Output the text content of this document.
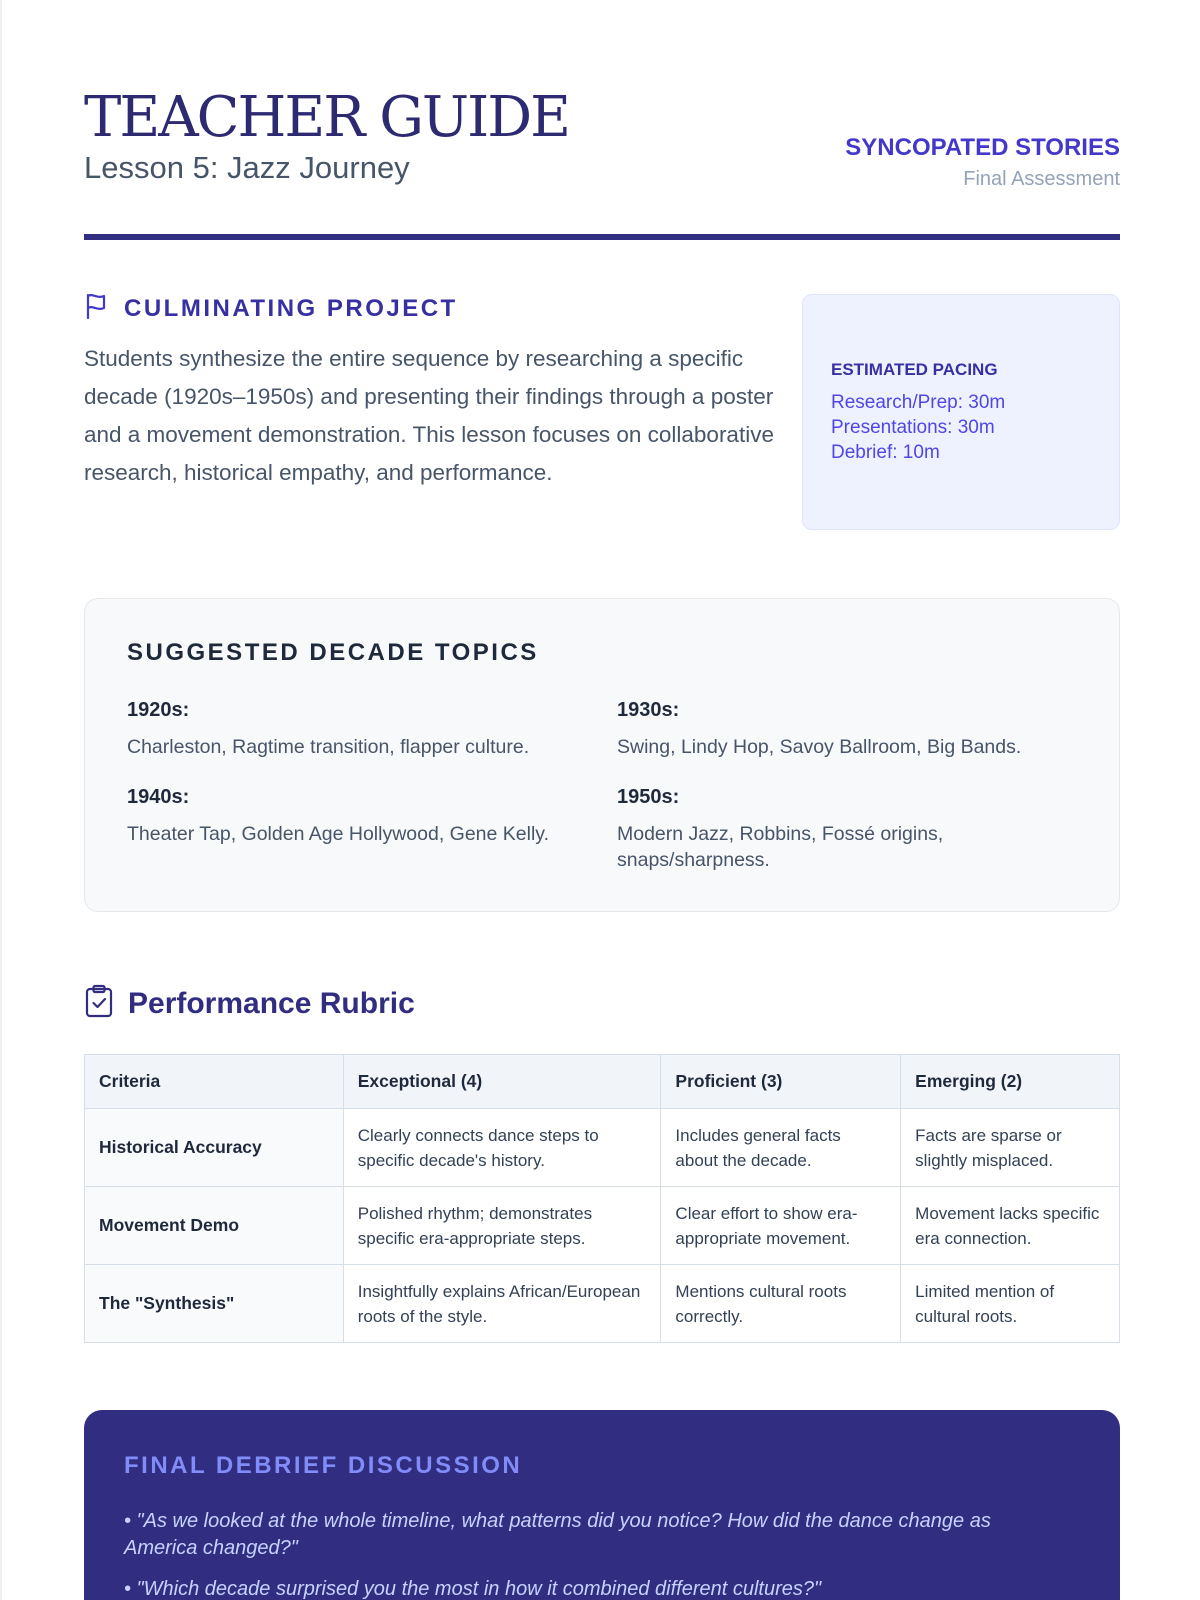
TEACHER GUIDE
Lesson 5: Jazz Journey
SYNCOPATED STORIES
Final Assessment
CULMINATING PROJECT

Students synthesize the entire sequence by researching a specific decade (1920s–1950s) and presenting their findings through a poster and a movement demonstration. This lesson focuses on collaborative research, historical empathy, and performance.

ESTIMATED PACING
Research/Prep: 30m
Presentations: 30m
Debrief: 10m
SUGGESTED DECADE TOPICS
1920s:
Charleston, Ragtime transition, flapper culture.
1930s:
Swing, Lindy Hop, Savoy Ballroom, Big Bands.
1940s:
Theater Tap, Golden Age Hollywood, Gene Kelly.
1950s:
Modern Jazz, Robbins, Fossé origins, snaps/sharpness.
Performance Rubric
Criteria	Exceptional (4)	Proficient (3)	Emerging (2)
Historical Accuracy	Clearly connects dance steps to specific decade's history.	Includes general facts about the decade.	Facts are sparse or slightly misplaced.
Movement Demo	Polished rhythm; demonstrates specific era-appropriate steps.	Clear effort to show era-appropriate movement.	Movement lacks specific era connection.
The "Synthesis"	Insightfully explains African/European roots of the style.	Mentions cultural roots correctly.	Limited mention of cultural roots.
FINAL DEBRIEF DISCUSSION

• "As we looked at the whole timeline, what patterns did you notice? How did the dance change as America changed?"

• "Which decade surprised you the most in how it combined different cultures?"
